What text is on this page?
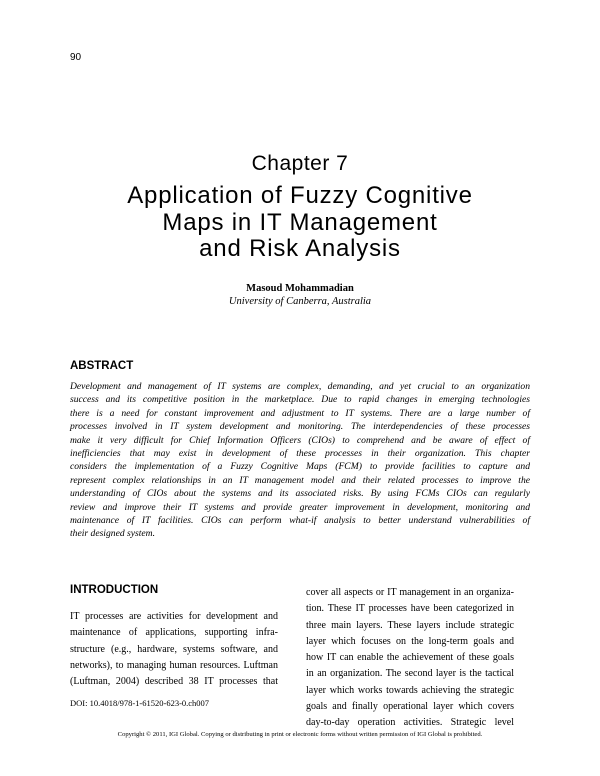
90
Chapter 7
Application of Fuzzy Cognitive
Maps in IT Management
and Risk Analysis
Masoud Mohammadian
University of Canberra, Australia
ABSTRACT
Development and management of IT systems are complex, demanding, and yet crucial to an organization
success and its competitive position in the marketplace. Due to rapid changes in emerging technologies
there is a need for constant improvement and adjustment to IT systems. There are a large number of
processes involved in IT system development and monitoring. The interdependencies of these processes
make it very difficult for Chief Information Officers (CIOs) to comprehend and be aware of effect of
inefficiencies that may exist in development of these processes in their organization. This chapter
considers the implementation of a Fuzzy Cognitive Maps (FCM) to provide facilities to capture and
represent complex relationships in an IT management model and their related processes to improve the
understanding of CIOs about the systems and its associated risks. By using FCMs CIOs can regularly
review and improve their IT systems and provide greater improvement in development, monitoring and
maintenance of IT facilities. CIOs can perform what-if analysis to better understand vulnerabilities of
their designed system.
INTRODUCTION
IT processes are activities for development and
maintenance of applications, supporting infra-
structure (e.g., hardware, systems software, and
networks), to managing human resources. Luftman
(Luftman, 2004) described 38 IT processes that
cover all aspects or IT management in an organiza-
tion. These IT processes have been categorized in
three main layers. These layers include strategic
layer which focuses on the long-term goals and
how IT can enable the achievement of these goals
in an organization. The second layer is the tactical
layer which works towards achieving the strategic
goals and finally operational layer which covers
day-to-day operation activities. Strategic level
DOI: 10.4018/978-1-61520-623-0.ch007
Copyright © 2011, IGI Global. Copying or distributing in print or electronic forms without written permission of IGI Global is prohibited.
